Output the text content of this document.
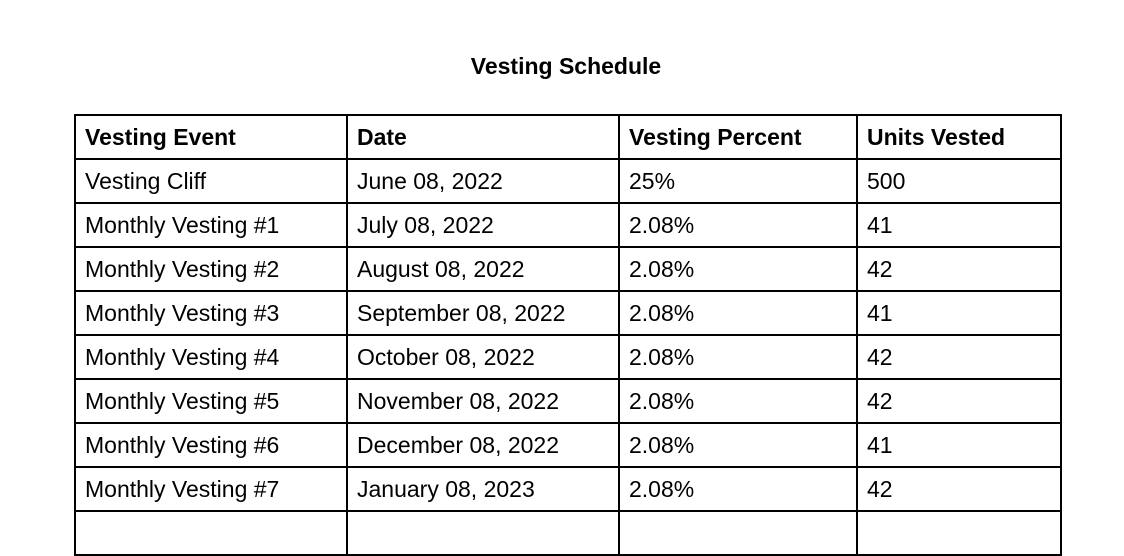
Vesting Schedule
Vesting Event	Date	Vesting Percent	Units Vested
Vesting Cliff	June 08, 2022	25%	500
Monthly Vesting #1	July 08, 2022	2.08%	41
Monthly Vesting #2	August 08, 2022	2.08%	42
Monthly Vesting #3	September 08, 2022	2.08%	41
Monthly Vesting #4	October 08, 2022	2.08%	42
Monthly Vesting #5	November 08, 2022	2.08%	42
Monthly Vesting #6	December 08, 2022	2.08%	41
Monthly Vesting #7	January 08, 2023	2.08%	42
